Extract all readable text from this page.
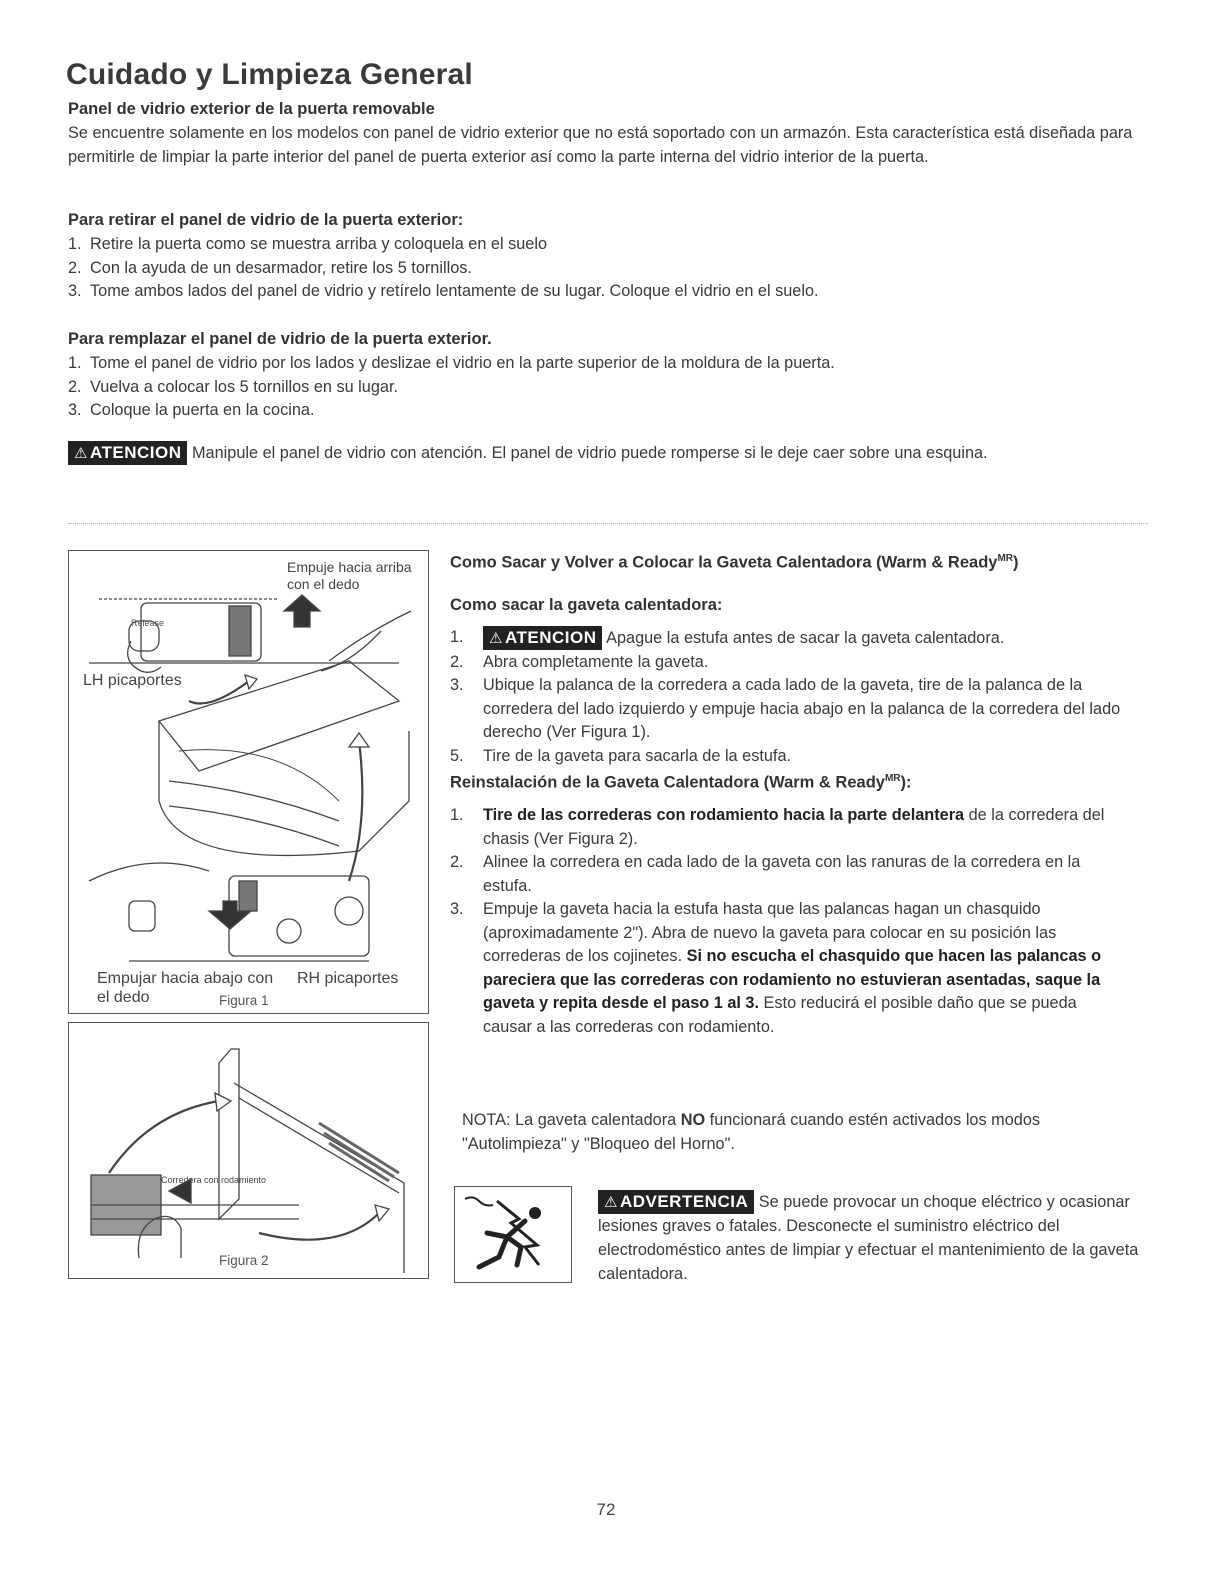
Cuidado y Limpieza General
Panel de vidrio exterior de la puerta removable

Se encuentre solamente en los modelos con panel de vidrio exterior que no está soportado con un armazón. Esta característica está diseñada para permitirle de limpiar la parte interior del panel de puerta exterior así como la parte interna del vidrio interior de la puerta.

Para retirar el panel de vidrio de la puerta exterior:
1. Retire la puerta como se muestra arriba y coloquela en el suelo
2. Con la ayuda de un desarmador, retire los 5 tornillos.
3. Tome ambos lados del panel de vidrio y retírelo lentamente de su lugar. Coloque el vidrio en el suelo.
Para remplazar el panel de vidrio de la puerta exterior.
1. Tome el panel de vidrio por los lados y deslizae el vidrio en la parte superior de la moldura de la puerta.
2. Vuelva a colocar los 5 tornillos en su lugar.
3. Coloque la puerta en la cocina.

⚠ ATENCION Manipule el panel de vidrio con atención. El panel de vidrio puede romperse si le deje caer sobre una esquina.

Release
Empuje hacia arriba con el dedo
LH picaportes
Empujar hacia abajo con el dedo
RH picaportes
Figura 1
Corredera con rodamiento
Figura 2
Como Sacar y Volver a Colocar la Gaveta Calentadora (Warm & Ready$^{MR}$)
Como sacar la gaveta calentadora:
1.	⚠ ATENCION Apague la estufa antes de sacar la gaveta calentadora.
2.	Abra completamente la gaveta.
3.	Ubique la palanca de la corredera a cada lado de la gaveta, tire de la palanca de la corredera del lado izquierdo y empuje hacia abajo en la palanca de la corredera del lado derecho (Ver Figura 1).
5.	Tire de la gaveta para sacarla de la estufa.
Reinstalación de la Gaveta Calentadora (Warm & Ready$^{MR}$):
1.	Tire de las correderas con rodamiento hacia la parte delantera de la corredera del chasis (Ver Figura 2).
2.	Alinee la corredera en cada lado de la gaveta con las ranuras de la corredera en la estufa.
3.	Empuje la gaveta hacia la estufa hasta que las palancas hagan un chasquido (aproximadamente 2"). Abra de nuevo la gaveta para colocar en su posición las correderas de los cojinetes. Si no escucha el chasquido que hacen las palancas o pareciera que las correderas con rodamiento no estuvieran asentadas, saque la gaveta y repita desde el paso 1 al 3. Esto reducirá el posible daño que se pueda causar a las correderas con rodamiento.

NOTA: La gaveta calentadora NO funcionará cuando estén activados los modos "Autolimpieza" y "Bloqueo del Horno".

⚠ ADVERTENCIA Se puede provocar un choque eléctrico y ocasionar lesiones graves o fatales. Desconecte el suministro eléctrico del electrodoméstico antes de limpiar y efectuar el mantenimiento de la gaveta calentadora.

72
